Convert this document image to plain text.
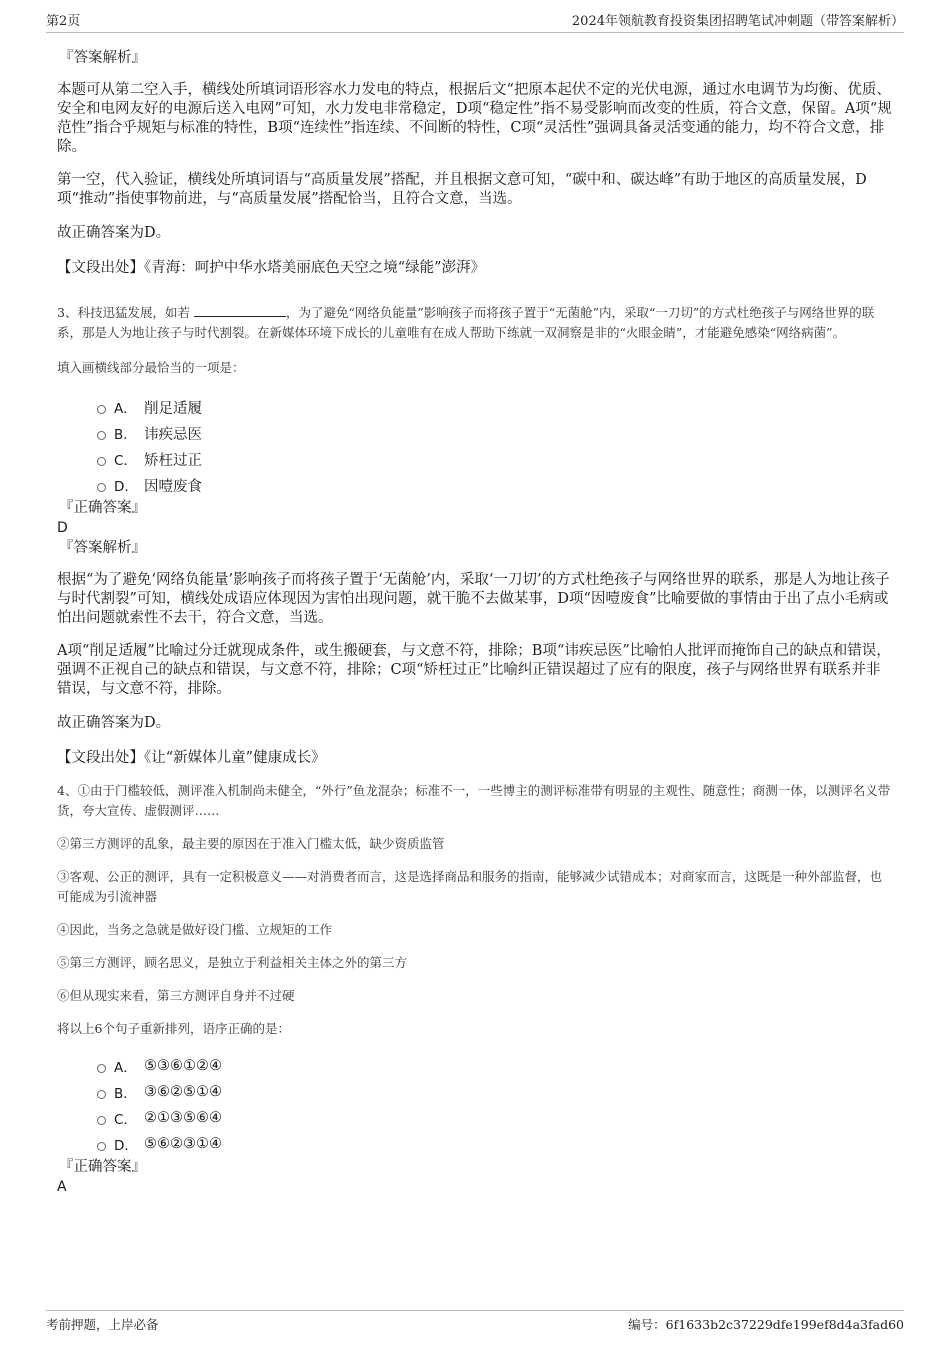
第2页	2024年领航教育投资集团招聘笔试冲刺题（带答案解析）

『答案解析』

本题可从第二空入手，横线处所填词语形容水力发电的特点，根据后文“把原本起伏不定的光伏电源，通过水电调节为均衡、优质、安全和电网友好的电源后送入电网”可知，水力发电非常稳定，D项“稳定性”指不易受影响而改变的性质，符合文意，保留。A项“规范性”指合乎规矩与标准的特性，B项“连续性”指连续、不间断的特性，C项“灵活性”强调具备灵活变通的能力，均不符合文意，排除。

第一空，代入验证，横线处所填词语与“高质量发展”搭配，并且根据文意可知，“碳中和、碳达峰”有助于地区的高质量发展，D项“推动”指使事物前进，与“高质量发展”搭配恰当，且符合文意，当选。

故正确答案为D。

【文段出处】《青海：呵护中华水塔美丽底色天空之境“绿能”澎湃》

3、科技迅猛发展，如若	，为了避免“网络负能量”影响孩子而将孩子置于“无菌舱”内，采取“一刀切”的方式杜绝孩子与网络世界的联系，那是人为地让孩子与时代割裂。在新媒体环境下成长的儿童唯有在成人帮助下练就一双洞察是非的“火眼金睛”，才能避免感染“网络病菌”。

填入画横线部分最恰当的一项是：

A． 削足适履
B． 讳疾忌医
C． 矫枉过正
D． 因噎废食

『正确答案』

D

『答案解析』

根据“为了避免‘网络负能量’影响孩子而将孩子置于‘无菌舱’内，采取‘一刀切’的方式杜绝孩子与网络世界的联系，那是人为地让孩子与时代割裂”可知，横线处成语应体现因为害怕出现问题，就干脆不去做某事，D项“因噎废食”比喻要做的事情由于出了点小毛病或怕出问题就索性不去干，符合文意，当选。

A项“削足适履”比喻过分迁就现成条件，或生搬硬套，与文意不符，排除；B项“讳疾忌医”比喻怕人批评而掩饰自己的缺点和错误，强调不正视自己的缺点和错误，与文意不符，排除；C项“矫枉过正”比喻纠正错误超过了应有的限度，孩子与网络世界有联系并非错误，与文意不符，排除。

故正确答案为D。

【文段出处】《让“新媒体儿童”健康成长》

4、①由于门槛较低，测评准入机制尚未健全，“外行”鱼龙混杂；标准不一，一些博主的测评标准带有明显的主观性、随意性；商测一体，以测评名义带货，夸大宣传、虚假测评……

②第三方测评的乱象，最主要的原因在于准入门槛太低，缺少资质监管

③客观、公正的测评，具有一定积极意义——对消费者而言，这是选择商品和服务的指南，能够减少试错成本；对商家而言，这既是一种外部监督，也可能成为引流神器

④因此，当务之急就是做好设门槛、立规矩的工作

⑤第三方测评，顾名思义，是独立于利益相关主体之外的第三方

⑥但从现实来看，第三方测评自身并不过硬

将以上6个句子重新排列，语序正确的是：

A． ⑤③⑥①②④
B． ③⑥②⑤①④
C． ②①③⑤⑥④
D． ⑤⑥②③①④

『正确答案』

A

考前押题，上岸必备	编号：6f1633b2c37229dfe199ef8d4a3fad60
